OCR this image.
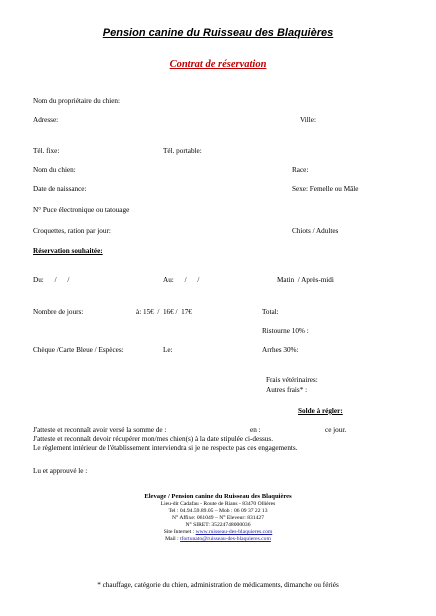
Pension canine du Ruisseau des Blaquières
Contrat de réservation
Nom du propriétaire du chien:
Adresse:	Ville:
Tél. fixe:	Tél. portable:
Nom du chien:	Race:
Date de naissance:	Sexe: Femelle ou Mâle
N° Puce électronique ou tatouage
Croquettes, ration par jour:	Chiots / Adultes
Réservation souhaitée:
Du:      /      /	Au:      /      /	Matin  / Après-midi
Nombre de jours:	à: 15€  /  16€ /  17€	Total:
Ristourne 10% :
Chèque /Carte Bleue / Espèces:	Le:	Arrhes 30%:
Frais vétérinaires:
Autres frais* :
Solde à régler:
J'atteste et reconnaît avoir versé la somme de :	en :	ce jour.
J'atteste et reconnaît devoir récupérer mon/mes chien(s) à la date stipulée ci-dessus.
Le règlement intérieur de l'établissement interviendra si je ne respecte pas ces engagements.
Lu et approuvé le :
Elevage / Pension canine du Ruisseau des Blaquières
Lieu-dit Cadafau - Route de Rians - 83470 Ollières
Tel : 04.94.59.89.05 – Mob : 06 09 37 22 13
N° Affixe: 061049 – N° Eleveur: 831427
N° SIRET: 35224748000036
Site Internet : www.ruisseau-des-blaquieres.com
Mail : tfortunato@ruisseau-des-blaquieres.com
* chauffage, catégorie du chien, administration de médicaments, dimanche ou fériés
